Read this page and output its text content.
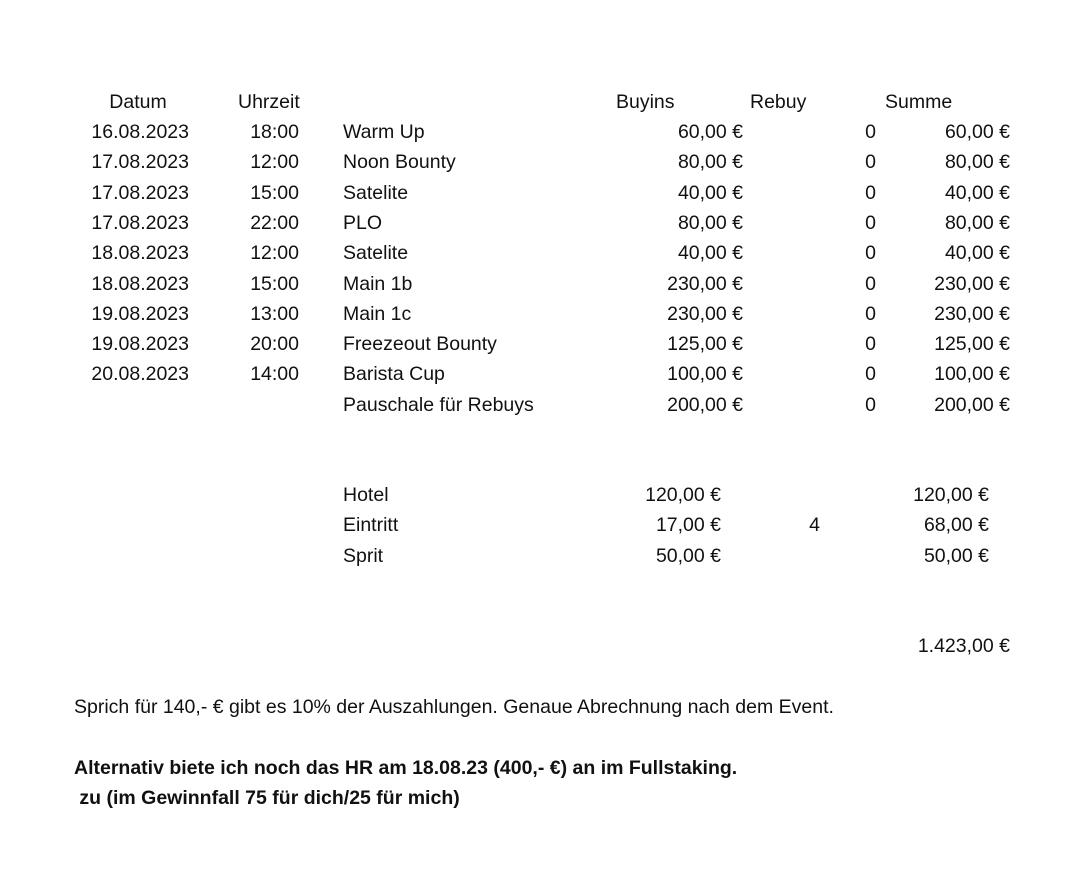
Datum	Uhrzeit	Buyins	Rebuy	Summe
16.08.2023	18:00 Warm Up	60,00 €	0	60,00 €
17.08.2023	12:00 Noon Bounty	80,00 €	0	80,00 €
17.08.2023	15:00 Satelite	40,00 €	0	40,00 €
17.08.2023	22:00 PLO	80,00 €	0	80,00 €
18.08.2023	12:00 Satelite	40,00 €	0	40,00 €
18.08.2023	15:00 Main 1b	230,00 €	0	230,00 €
19.08.2023	13:00 Main 1c	230,00 €	0	230,00 €
19.08.2023	20:00 Freezeout Bounty	125,00 €	0	125,00 €
20.08.2023	14:00 Barista Cup	100,00 €	0	100,00 €
Pauschale für Rebuys	200,00 €	0	200,00 €
Hotel	120,00 €	120,00 €
Eintritt	17,00 €	4	68,00 €
Sprit	50,00 €	50,00 €
1.423,00 €
Sprich für 140,- € gibt es 10% der Auszahlungen. Genaue Abrechnung nach dem Event.
Alternativ biete ich noch das HR am 18.08.23 (400,- €) an im Fullstaking.
zu (im Gewinnfall 75 für dich/25 für mich)
